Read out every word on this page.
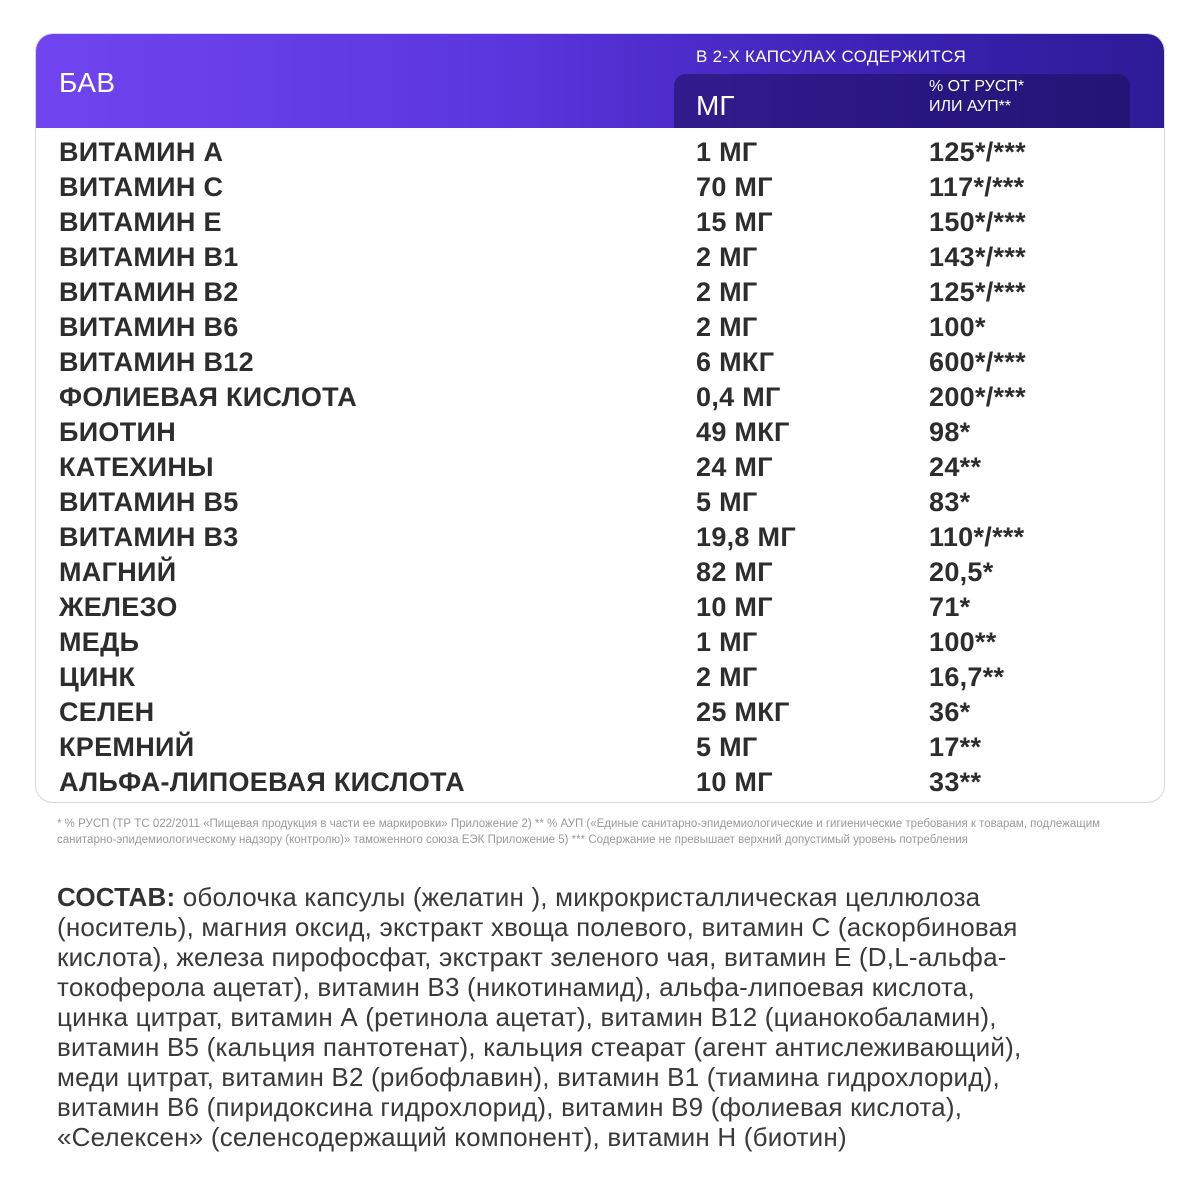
БАВ
В 2-Х КАПСУЛАХ СОДЕРЖИТСЯ
МГ
% ОТ РУСП*
ИЛИ АУП**
ВИТАМИН А	1 МГ	125*/***
ВИТАМИН С	70 МГ	117*/***
ВИТАМИН Е	15 МГ	150*/***
ВИТАМИН В1	2 МГ	143*/***
ВИТАМИН В2	2 МГ	125*/***
ВИТАМИН В6	2 МГ	100*
ВИТАМИН В12	6 МКГ	600*/***
ФОЛИЕВАЯ КИСЛОТА	0,4 МГ	200*/***
БИОТИН	49 МКГ	98*
КАТЕХИНЫ	24 МГ	24**
ВИТАМИН В5	5 МГ	83*
ВИТАМИН В3	19,8 МГ	110*/***
МАГНИЙ	82 МГ	20,5*
ЖЕЛЕЗО	10 МГ	71*
МЕДЬ	1 МГ	100**
ЦИНК	2 МГ	16,7**
СЕЛЕН	25 МКГ	36*
КРЕМНИЙ	5 МГ	17**
АЛЬФА-ЛИПОЕВАЯ КИСЛОТА	10 МГ	33**
* % РУСП (ТР ТС 022/2011 «Пищевая продукция в части ее маркировки» Приложение 2) ** % АУП («Единые санитарно-эпидемиологические и гигиенические требования к товарам, подлежащим санитарно-эпидемиологическому надзору (контролю)» таможенного союза ЕЭК Приложение 5) *** Содержание не превышает верхний допустимый уровень потребления
СОСТАВ: оболочка капсулы (желатин ), микрокристаллическая целлюлоза
(носитель), магния оксид, экстракт хвоща полевого, витамин С (аскорбиновая
кислота), железа пирофосфат, экстракт зеленого чая, витамин Е (D,L-альфа-
токоферола ацетат), витамин В3 (никотинамид), альфа-липоевая кислота,
цинка цитрат, витамин А (ретинола ацетат), витамин В12 (цианокобаламин),
витамин В5 (кальция пантотенат), кальция стеарат (агент антислеживающий),
меди цитрат, витамин В2 (рибофлавин), витамин В1 (тиамина гидрохлорид),
витамин В6 (пиридоксина гидрохлорид), витамин В9 (фолиевая кислота),
«Селексен» (селенсодержащий компонент), витамин Н (биотин)
